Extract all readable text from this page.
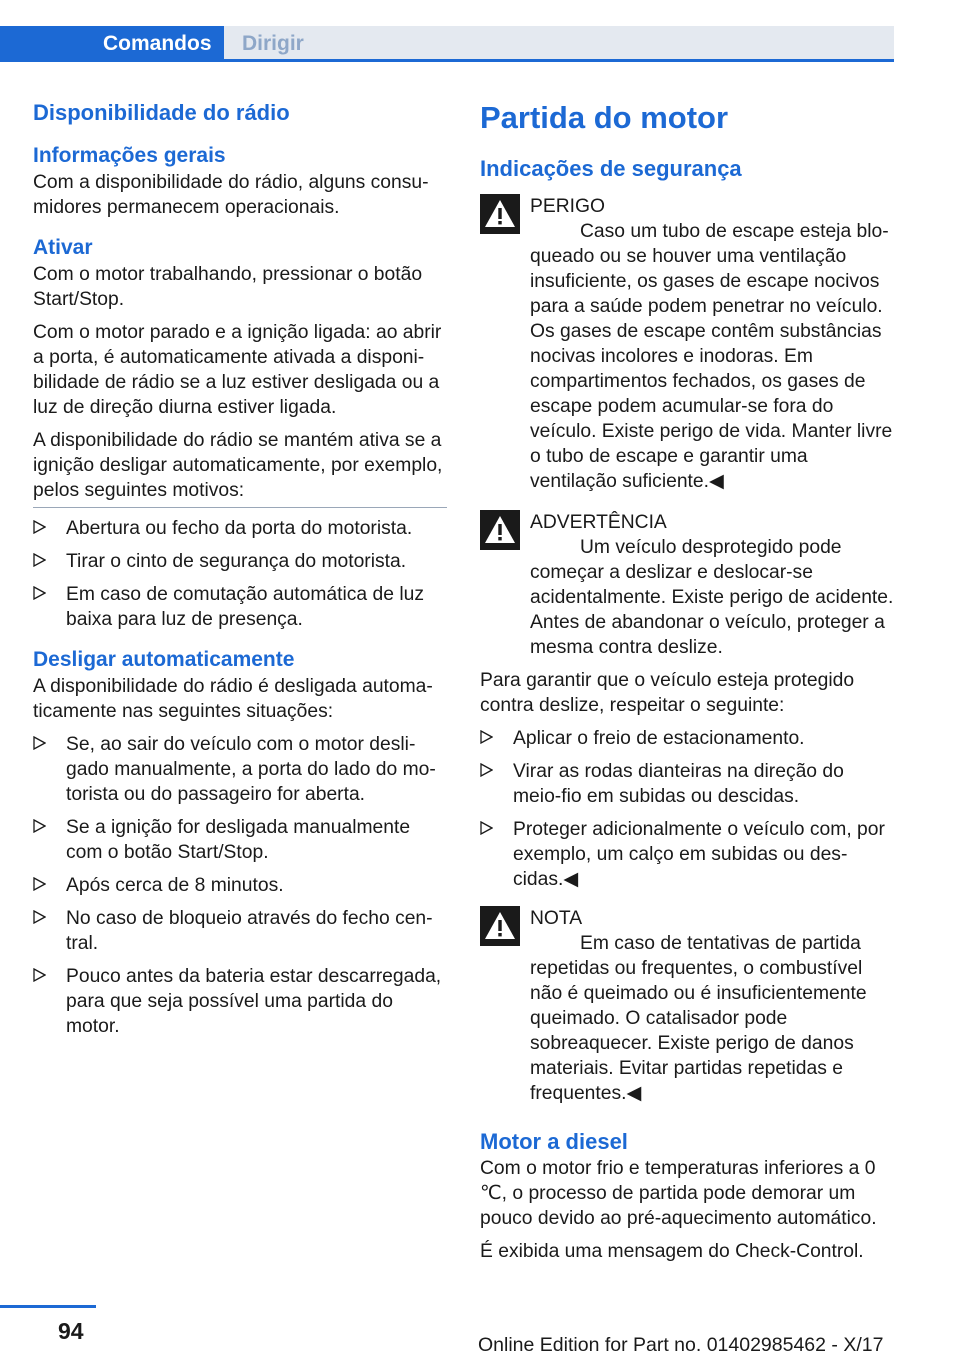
Comandos	Dirigir
Disponibilidade do rádio
Informações gerais

Com a disponibilidade do rádio, alguns consumidores permanecem operacionais.

Ativar

Com o motor trabalhando, pressionar o botão Start/Stop.

Com o motor parado e a ignição ligada: ao abrir a porta, é automaticamente ativada a disponibilidade de rádio se a luz estiver desligada ou a luz de direção diurna estiver ligada.

A disponibilidade do rádio se mantém ativa se a ignição desligar automaticamente, por exemplo, pelos seguintes motivos:

Abertura ou fecho da porta do motorista.
Tirar o cinto de segurança do motorista.
Em caso de comutação automática de luz baixa para luz de presença.
Desligar automaticamente

A disponibilidade do rádio é desligada automaticamente nas seguintes situações:

Se, ao sair do veículo com o motor desligado manualmente, a porta do lado do motorista ou do passageiro for aberta.
Se a ignição for desligada manualmente com o botão Start/Stop.
Após cerca de 8 minutos.
No caso de bloqueio através do fecho central.
Pouco antes da bateria estar descarregada, para que seja possível uma partida do motor.
Partida do motor
Indicações de segurança

PERIGO

Caso um tubo de escape esteja bloqueado ou se houver uma ventilação insuficiente, os gases de escape nocivos para a saúde podem penetrar no veículo. Os gases de escape contêm substâncias nocivas incolores e inodoras. Em compartimentos fechados, os gases de escape podem acumular-se fora do veículo. Existe perigo de vida. Manter livre o tubo de escape e garantir uma ventilação suficiente.◀

ADVERTÊNCIA

Um veículo desprotegido pode começar a deslizar e deslocar-se acidentalmente. Existe perigo de acidente. Antes de abandonar o veículo, proteger a mesma contra deslize.

Para garantir que o veículo esteja protegido contra deslize, respeitar o seguinte:

Aplicar o freio de estacionamento.
Virar as rodas dianteiras na direção do meio-fio em subidas ou descidas.
Proteger adicionalmente o veículo com, por exemplo, um calço em subidas ou descidas.◀

NOTA

Em caso de tentativas de partida repetidas ou frequentes, o combustível não é queimado ou é insuficientemente queimado. O catalisador pode sobreaquecer. Existe perigo de danos materiais. Evitar partidas repetidas e frequentes.◀

Motor a diesel

Com o motor frio e temperaturas inferiores a 0 ℃, o processo de partida pode demorar um pouco devido ao pré-aquecimento automático.

É exibida uma mensagem do Check-Control.

94
Online Edition for Part no. 01402985462 - X/17
